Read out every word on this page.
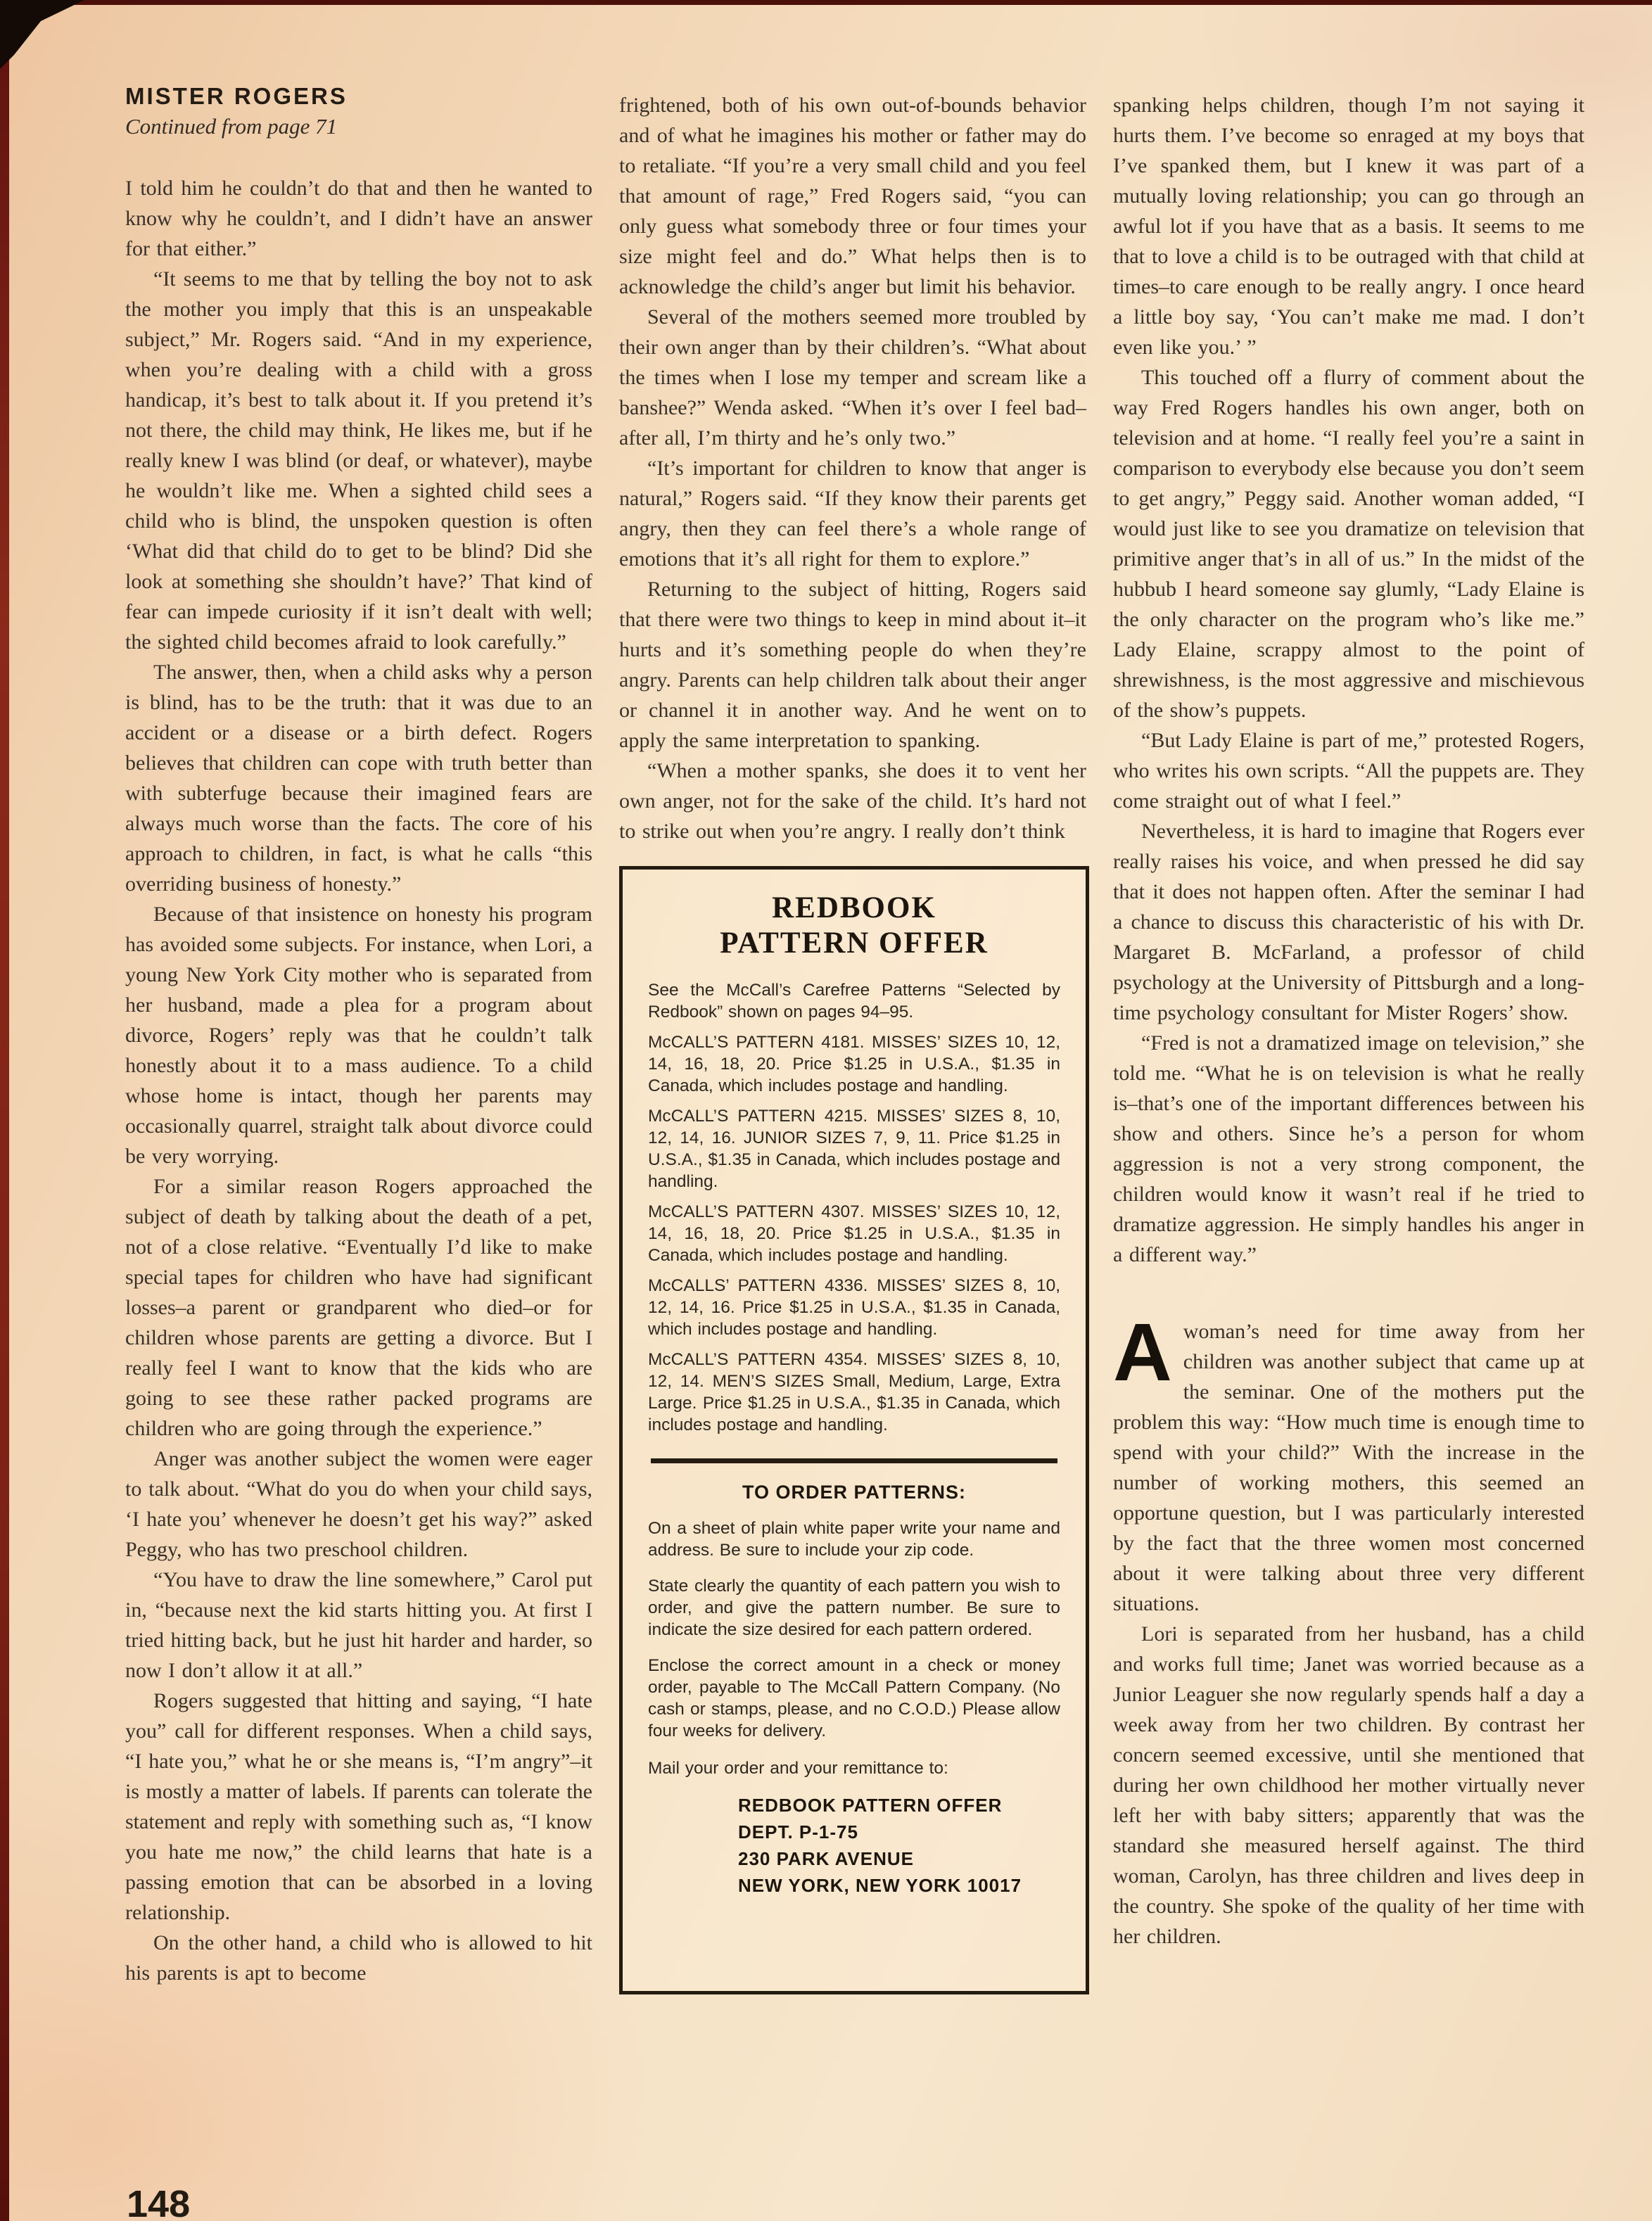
MISTER ROGERS
Continued from page 71

I told him he couldn’t do that and then he wanted to know why he couldn’t, and I didn’t have an answer for that either.”

“It seems to me that by telling the boy not to ask the mother you imply that this is an unspeakable subject,” Mr. Rogers said. “And in my experience, when you’re dealing with a child with a gross handicap, it’s best to talk about it. If you pretend it’s not there, the child may think, He likes me, but if he really knew I was blind (or deaf, or whatever), maybe he wouldn’t like me. When a sighted child sees a child who is blind, the unspoken question is often ‘What did that child do to get to be blind? Did she look at something she shouldn’t have?’ That kind of fear can impede curiosity if it isn’t dealt with well; the sighted child becomes afraid to look carefully.”

The answer, then, when a child asks why a person is blind, has to be the truth: that it was due to an accident or a disease or a birth defect. Rogers believes that children can cope with truth better than with subterfuge because their imagined fears are always much worse than the facts. The core of his approach to children, in fact, is what he calls “this overriding business of honesty.”

Because of that insistence on honesty his program has avoided some subjects. For instance, when Lori, a young New York City mother who is separated from her husband, made a plea for a program about divorce, Rogers’ reply was that he couldn’t talk honestly about it to a mass audience. To a child whose home is intact, though her parents may occasionally quarrel, straight talk about divorce could be very worrying.

For a similar reason Rogers approached the subject of death by talking about the death of a pet, not of a close relative. “Eventually I’d like to make special tapes for children who have had significant losses–a parent or grandparent who died–or for children whose parents are getting a divorce. But I really feel I want to know that the kids who are going to see these rather packed programs are children who are going through the experience.”

Anger was another subject the women were eager to talk about. “What do you do when your child says, ‘I hate you’ whenever he doesn’t get his way?” asked Peggy, who has two preschool children.

“You have to draw the line somewhere,” Carol put in, “because next the kid starts hitting you. At first I tried hitting back, but he just hit harder and harder, so now I don’t allow it at all.”

Rogers suggested that hitting and saying, “I hate you” call for different responses. When a child says, “I hate you,” what he or she means is, “I’m angry”–it is mostly a matter of labels. If parents can tolerate the statement and reply with something such as, “I know you hate me now,” the child learns that hate is a passing emotion that can be absorbed in a loving relationship.

On the other hand, a child who is allowed to hit his parents is apt to become

frightened, both of his own out-of-bounds behavior and of what he imagines his mother or father may do to retaliate. “If you’re a very small child and you feel that amount of rage,” Fred Rogers said, “you can only guess what somebody three or four times your size might feel and do.” What helps then is to acknowledge the child’s anger but limit his behavior.

Several of the mothers seemed more troubled by their own anger than by their children’s. “What about the times when I lose my temper and scream like a banshee?” Wenda asked. “When it’s over I feel bad–after all, I’m thirty and he’s only two.”

“It’s important for children to know that anger is natural,” Rogers said. “If they know their parents get angry, then they can feel there’s a whole range of emotions that it’s all right for them to explore.”

Returning to the subject of hitting, Rogers said that there were two things to keep in mind about it–it hurts and it’s something people do when they’re angry. Parents can help children talk about their anger or channel it in another way. And he went on to apply the same interpretation to spanking.

“When a mother spanks, she does it to vent her own anger, not for the sake of the child. It’s hard not to strike out when you’re angry. I really don’t think

REDBOOK
PATTERN OFFER

See the McCall’s Carefree Patterns “Selected by Redbook” shown on pages 94–95.

McCALL’S PATTERN 4181. MISSES’ SIZES 10, 12, 14, 16, 18, 20. Price $1.25 in U.S.A., $1.35 in Canada, which includes postage and handling.

McCALL’S PATTERN 4215. MISSES’ SIZES 8, 10, 12, 14, 16. JUNIOR SIZES 7, 9, 11. Price $1.25 in U.S.A., $1.35 in Canada, which includes postage and handling.

McCALL’S PATTERN 4307. MISSES’ SIZES 10, 12, 14, 16, 18, 20. Price $1.25 in U.S.A., $1.35 in Canada, which includes postage and handling.

McCALLS’ PATTERN 4336. MISSES’ SIZES 8, 10, 12, 14, 16. Price $1.25 in U.S.A., $1.35 in Canada, which includes postage and handling.

McCALL’S PATTERN 4354. MISSES’ SIZES 8, 10, 12, 14. MEN’S SIZES Small, Medium, Large, Extra Large. Price $1.25 in U.S.A., $1.35 in Canada, which includes postage and handling.

TO ORDER PATTERNS:

On a sheet of plain white paper write your name and address. Be sure to include your zip code.

State clearly the quantity of each pattern you wish to order, and give the pattern number. Be sure to indicate the size desired for each pattern ordered.

Enclose the correct amount in a check or money order, payable to The McCall Pattern Company. (No cash or stamps, please, and no C.O.D.) Please allow four weeks for delivery.

Mail your order and your remittance to:

REDBOOK PATTERN OFFER
DEPT. P-1-75
230 PARK AVENUE
NEW YORK, NEW YORK 10017

spanking helps children, though I’m not saying it hurts them. I’ve become so enraged at my boys that I’ve spanked them, but I knew it was part of a mutually loving relationship; you can go through an awful lot if you have that as a basis. It seems to me that to love a child is to be outraged with that child at times–to care enough to be really angry. I once heard a little boy say, ‘You can’t make me mad. I don’t even like you.’ ”

This touched off a flurry of comment about the way Fred Rogers handles his own anger, both on television and at home. “I really feel you’re a saint in comparison to everybody else because you don’t seem to get angry,” Peggy said. Another woman added, “I would just like to see you dramatize on television that primitive anger that’s in all of us.” In the midst of the hubbub I heard someone say glumly, “Lady Elaine is the only character on the program who’s like me.” Lady Elaine, scrappy almost to the point of shrewishness, is the most aggressive and mischievous of the show’s puppets.

“But Lady Elaine is part of me,” protested Rogers, who writes his own scripts. “All the puppets are. They come straight out of what I feel.”

Nevertheless, it is hard to imagine that Rogers ever really raises his voice, and when pressed he did say that it does not happen often. After the seminar I had a chance to discuss this characteristic of his with Dr. Margaret B. McFarland, a professor of child psychology at the University of Pittsburgh and a long-time psychology consultant for Mister Rogers’ show.

“Fred is not a dramatized image on television,” she told me. “What he is on television is what he really is–that’s one of the important differences between his show and others. Since he’s a person for whom aggression is not a very strong component, the children would know it wasn’t real if he tried to dramatize aggression. He simply handles his anger in a different way.”

Awoman’s need for time away from her children was another subject that came up at the seminar. One of the mothers put the problem this way: “How much time is enough time to spend with your child?” With the increase in the number of working mothers, this seemed an opportune question, but I was particularly interested by the fact that the three women most concerned about it were talking about three very different situations.

Lori is separated from her husband, has a child and works full time; Janet was worried because as a Junior Leaguer she now regularly spends half a day a week away from her two children. By contrast her concern seemed excessive, until she mentioned that during her own childhood her mother virtually never left her with baby sitters; apparently that was the standard she measured herself against. The third woman, Carolyn, has three children and lives deep in the country. She spoke of the quality of her time with her children.

148
